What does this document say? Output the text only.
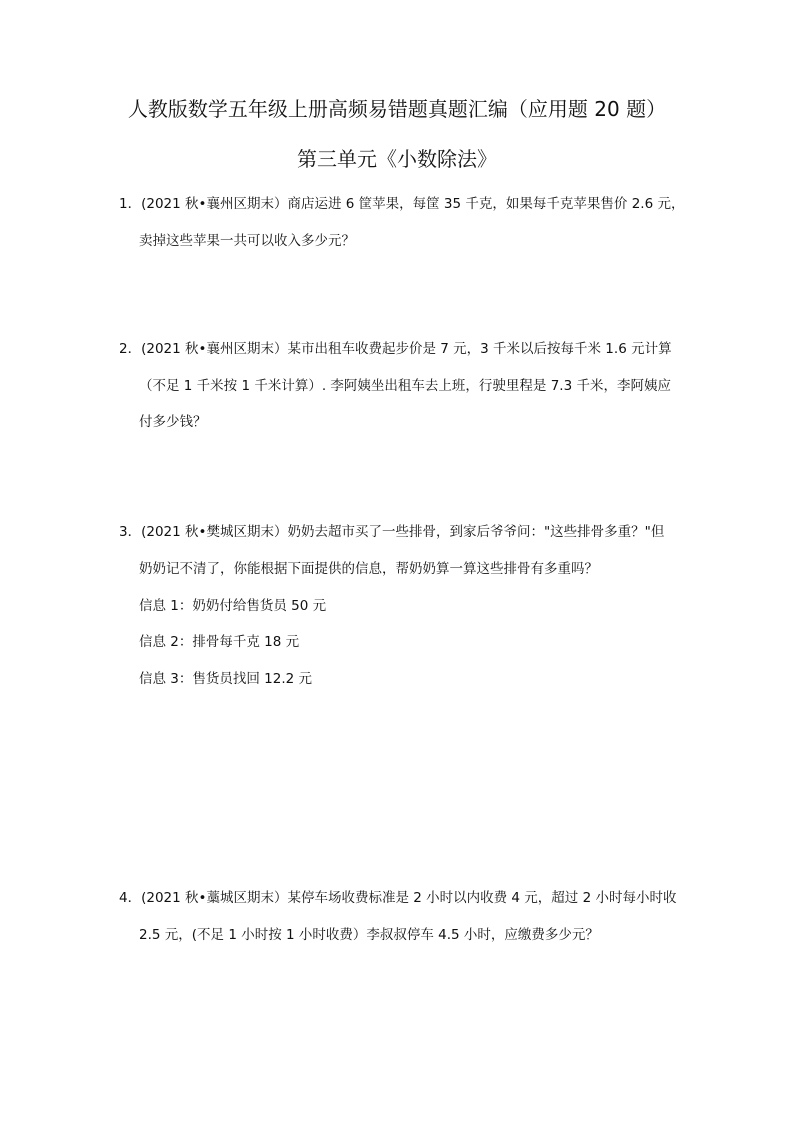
人教版数学五年级上册高频易错题真题汇编（应用题 20 题）
第三单元《小数除法》
1．(2021 秋•襄州区期末）商店运进 6 筐苹果，每筐 35 千克，如果每千克苹果售价 2.6 元，
卖掉这些苹果一共可以收入多少元？
2．(2021 秋•襄州区期末）某市出租车收费起步价是 7 元，3 千米以后按每千米 1.6 元计算
（不足 1 千米按 1 千米计算）. 李阿姨坐出租车去上班，行驶里程是 7.3 千米，李阿姨应
付多少钱？
3．(2021 秋•樊城区期末）奶奶去超市买了一些排骨，到家后爷爷问："这些排骨多重？"但
奶奶记不清了，你能根据下面提供的信息，帮奶奶算一算这些排骨有多重吗？
信息 1：奶奶付给售货员 50 元
信息 2：排骨每千克 18 元
信息 3：售货员找回 12.2 元
4．(2021 秋•藁城区期末）某停车场收费标准是 2 小时以内收费 4 元，超过 2 小时每小时收
2.5 元，(不足 1 小时按 1 小时收费）李叔叔停车 4.5 小时，应缴费多少元？
